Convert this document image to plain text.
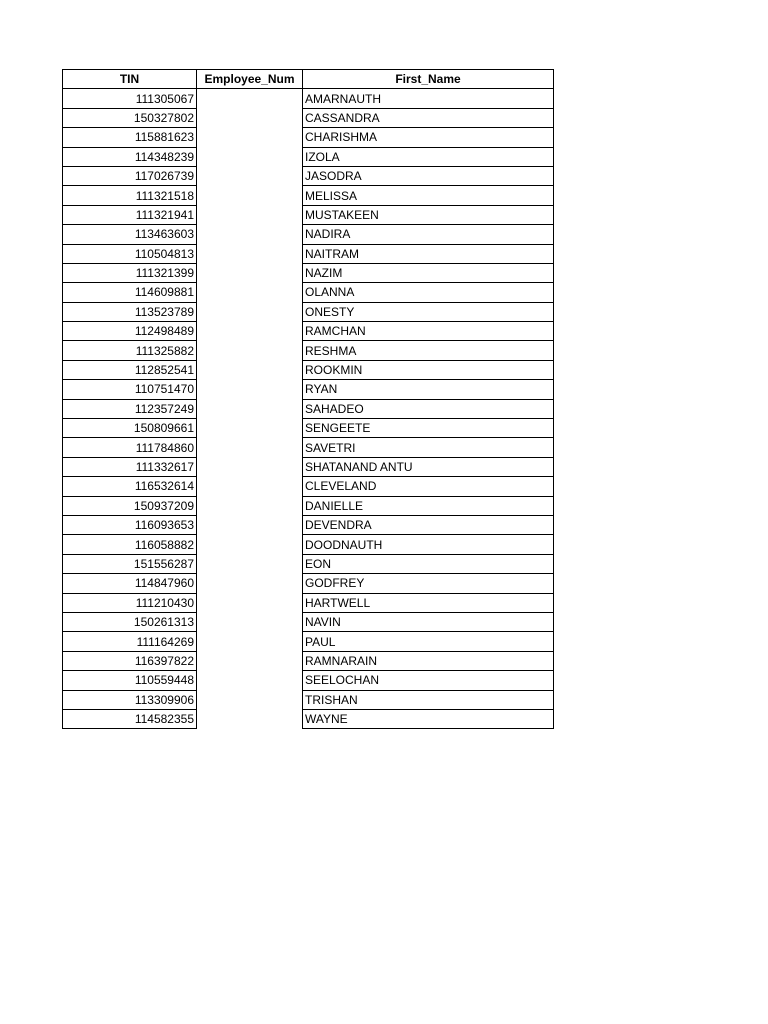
TIN	Employee_Num	First_Name
111305067		AMARNAUTH
150327802		CASSANDRA
115881623		CHARISHMA
114348239		IZOLA
117026739		JASODRA
111321518		MELISSA
111321941		MUSTAKEEN
113463603		NADIRA
110504813		NAITRAM
111321399		NAZIM
114609881		OLANNA
113523789		ONESTY
112498489		RAMCHAN
111325882		RESHMA
112852541		ROOKMIN
110751470		RYAN
112357249		SAHADEO
150809661		SENGEETE
111784860		SAVETRI
111332617		SHATANAND ANTU
116532614		CLEVELAND
150937209		DANIELLE
116093653		DEVENDRA
116058882		DOODNAUTH
151556287		EON
114847960		GODFREY
111210430		HARTWELL
150261313		NAVIN
111164269		PAUL
116397822		RAMNARAIN
110559448		SEELOCHAN
113309906		TRISHAN
114582355		WAYNE
